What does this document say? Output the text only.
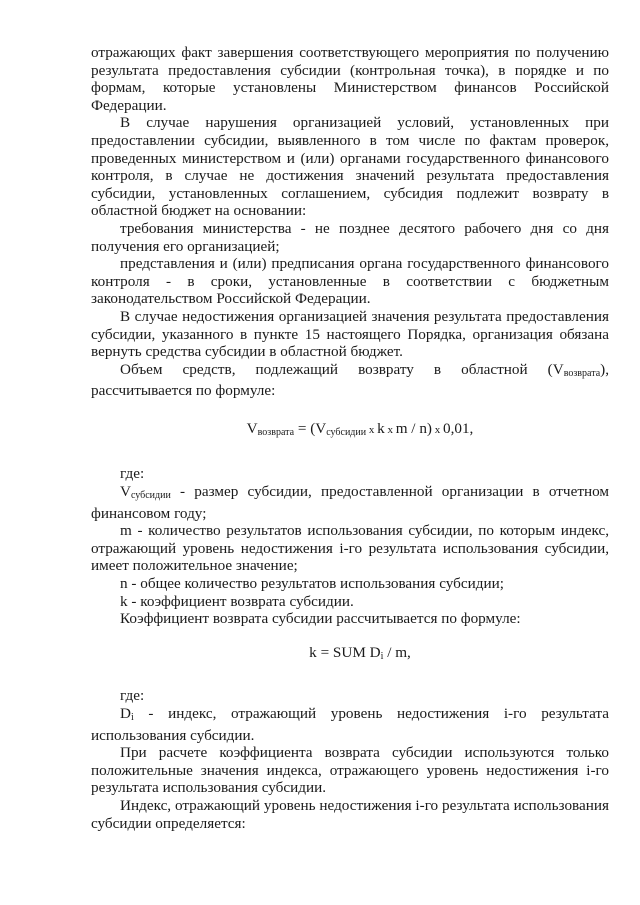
отражающих факт завершения соответствующего мероприятия по получению результата предоставления субсидии (контрольная точка), в порядке и по формам, которые установлены Министерством финансов Российской Федерации.

В случае нарушения организацией условий, установленных при предоставлении субсидии, выявленного в том числе по фактам проверок, проведенных министерством и (или) органами государственного финансового контроля, в случае не достижения значений результата предоставления субсидии, установленных соглашением, субсидия подлежит возврату в областной бюджет на основании:

требования министерства - не позднее десятого рабочего дня со дня получения его организацией;

представления и (или) предписания органа государственного финансового контроля - в сроки, установленные в соответствии с бюджетным законодательством Российской Федерации.

В случае недостижения организацией значения результата предоставления субсидии, указанного в пункте 15 настоящего Порядка, организация обязана вернуть средства субсидии в областной бюджет.

Объем средств, подлежащий возврату в областной $(V_{возврата})$, рассчитывается по формуле:

$V_{возврата} = (V_{субсидии}$ x k x m / n) x 0,01,

где:

$V_{субсидии}$ - размер субсидии, предоставленной организации в отчетном финансовом году;

m - количество результатов использования субсидии, по которым индекс, отражающий уровень недостижения i-го результата использования субсидии, имеет положительное значение;

n - общее количество результатов использования субсидии;

k - коэффициент возврата субсидии.

Коэффициент возврата субсидии рассчитывается по формуле:

k = SUM $D_i$ / m,

где:

$D_i$ - индекс, отражающий уровень недостижения i-го результата использования субсидии.

При расчете коэффициента возврата субсидии используются только положительные значения индекса, отражающего уровень недостижения i-го результата использования субсидии.

Индекс, отражающий уровень недостижения i-го результата использования субсидии определяется:
